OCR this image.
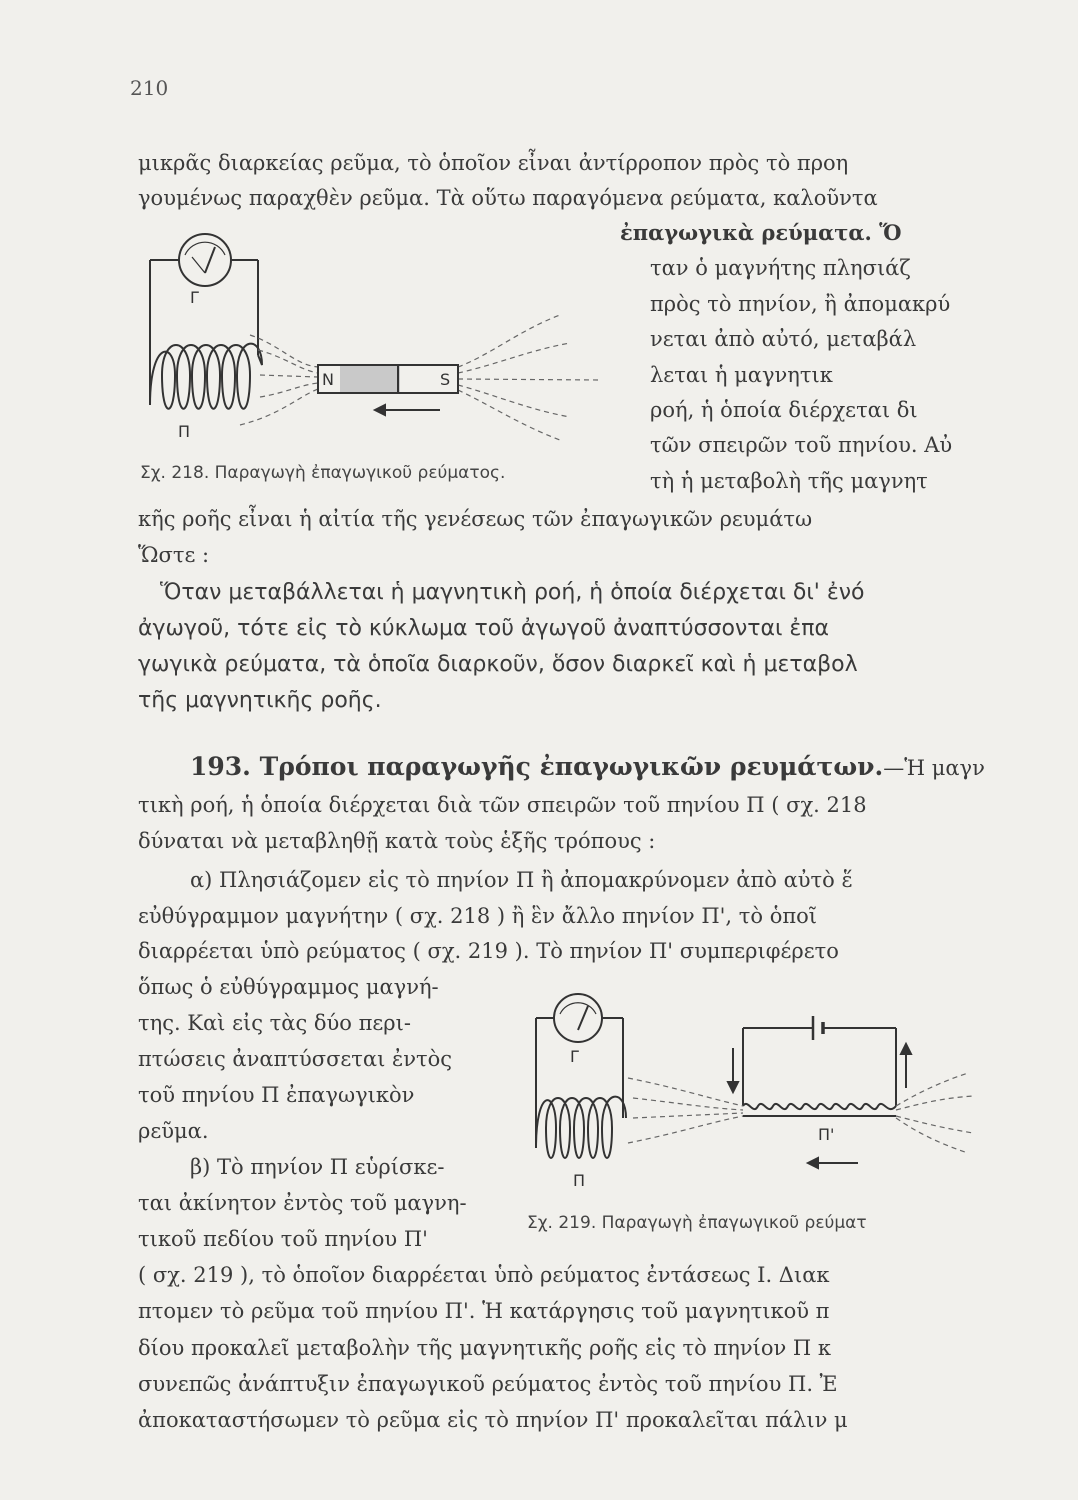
210
μικρᾶς διαρκείας ρεῦμα, τὸ ὁποῖον εἶναι ἀντίρροπον πρὸς τὸ προη
γουμένως παραχθὲν ρεῦμα. Τὰ οὕτω παραγόμενα ρεύματα, καλοῦντα
ἐπαγωγικὰ ρεύματα. Ὅ
ταν ὁ μαγνήτης πλησιάζ
πρὸς τὸ πηνίον, ἢ ἀπομακρύ
νεται ἀπὸ αὐτό, μεταβάλ
λεται ἡ μαγνητικ
ροή, ἡ ὁποία διέρχεται δι
τῶν σπειρῶν τοῦ πηνίου. Αὐ
τὴ ἡ μεταβολὴ τῆς μαγνητ
Γ
Π
N	S
Σχ. 218. Παραγωγὴ ἐπαγωγικοῦ ρεύματος.
κῆς ροῆς εἶναι ἡ αἰτία τῆς γενέσεως τῶν ἐπαγωγικῶν ρευμάτω
Ὥστε :
Ὅταν μεταβάλλεται ἡ μαγνητικὴ ροή, ἡ ὁποία διέρχεται δι' ἐνό
ἀγωγοῦ, τότε εἰς τὸ κύκλωμα τοῦ ἀγωγοῦ ἀναπτύσσονται ἐπα
γωγικὰ ρεύματα, τὰ ὁποῖα διαρκοῦν, ὅσον διαρκεῖ καὶ ἡ μεταβολ
τῆς μαγνητικῆς ροῆς.
193. Τρόποι παραγωγῆς ἐπαγωγικῶν ρευμάτων.—Ἡ μαγν
τικὴ ροή, ἡ ὁποία διέρχεται διὰ τῶν σπειρῶν τοῦ πηνίου Π ( σχ. 218
δύναται νὰ μεταβληθῇ κατὰ τοὺς ἑξῆς τρόπους :
α) Πλησιάζομεν εἰς τὸ πηνίον Π ἢ ἀπομακρύνομεν ἀπὸ αὐτὸ ἕ
εὐθύγραμμον μαγνήτην ( σχ. 218 ) ἢ ἓν ἄλλο πηνίον Π', τὸ ὁποῖ
διαρρέεται ὑπὸ ρεύματος ( σχ. 219 ). Τὸ πηνίον Π' συμπεριφέρετο
ὅπως ὁ εὐθύγραμμος μαγνή-
της. Καὶ εἰς τὰς δύο περι-
πτώσεις ἀναπτύσσεται ἐντὸς
τοῦ πηνίου Π ἐπαγωγικὸν
ρεῦμα.
β) Τὸ πηνίον Π εὑρίσκε-
ται ἀκίνητον ἐντὸς τοῦ μαγνη-
τικοῦ πεδίου τοῦ πηνίου Π'
Γ
Π
Π'
Σχ. 219. Παραγωγὴ ἐπαγωγικοῦ ρεύματ
( σχ. 219 ), τὸ ὁποῖον διαρρέεται ὑπὸ ρεύματος ἐντάσεως Ι. Διακ
πτομεν τὸ ρεῦμα τοῦ πηνίου Π'. Ἡ κατάργησις τοῦ μαγνητικοῦ π
δίου προκαλεῖ μεταβολὴν τῆς μαγνητικῆς ροῆς εἰς τὸ πηνίον Π κ
συνεπῶς ἀνάπτυξιν ἐπαγωγικοῦ ρεύματος ἐντὸς τοῦ πηνίου Π. Ἐ
ἀποκαταστήσωμεν τὸ ρεῦμα εἰς τὸ πηνίον Π' προκαλεῖται πάλιν μ
